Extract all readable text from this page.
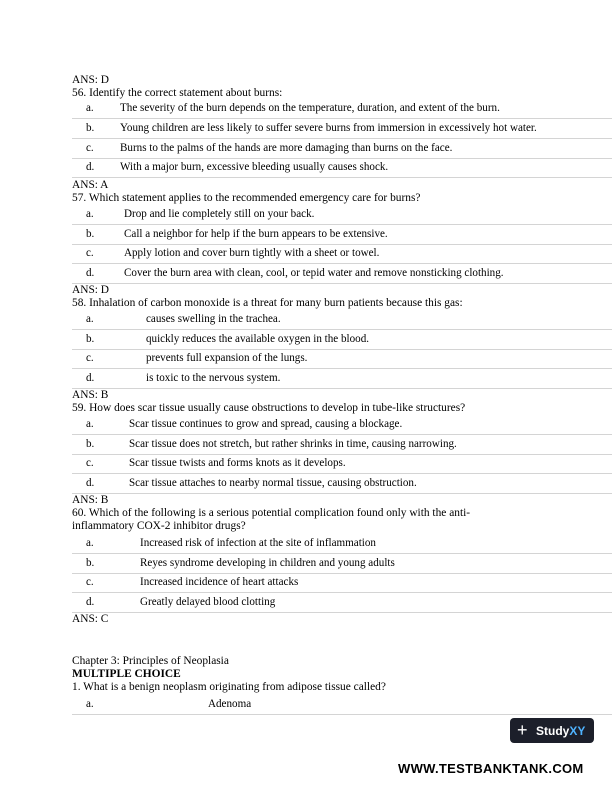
ANS: D
56. Identify the correct statement about burns:
a. The severity of the burn depends on the temperature, duration, and extent of the burn.
b. Young children are less likely to suffer severe burns from immersion in excessively hot water.
c. Burns to the palms of the hands are more damaging than burns on the face.
d. With a major burn, excessive bleeding usually causes shock.
ANS: A
57. Which statement applies to the recommended emergency care for burns?
a.	Drop and lie completely still on your back.
b.	Call a neighbor for help if the burn appears to be extensive.
c.	Apply lotion and cover burn tightly with a sheet or towel.
d.	Cover the burn area with clean, cool, or tepid water and remove nonsticking clothing.
ANS: D
58. Inhalation of carbon monoxide is a threat for many burn patients because this gas:
a.	causes swelling in the trachea.
b.	quickly reduces the available oxygen in the blood.
c.	prevents full expansion of the lungs.
d.	is toxic to the nervous system.
ANS: B
59. How does scar tissue usually cause obstructions to develop in tube-like structures?
a.	Scar tissue continues to grow and spread, causing a blockage.
b.	Scar tissue does not stretch, but rather shrinks in time, causing narrowing.
c.	Scar tissue twists and forms knots as it develops.
d.	Scar tissue attaches to nearby normal tissue, causing obstruction.
ANS: B
60. Which of the following is a serious potential complication found only with the anti-
inflammatory COX-2 inhibitor drugs?
a.	Increased risk of infection at the site of inflammation
b.	Reyes syndrome developing in children and young adults
c.	Increased incidence of heart attacks
d.	Greatly delayed blood clotting
ANS: C
Chapter 3: Principles of Neoplasia
MULTIPLE CHOICE
1. What is a benign neoplasm originating from adipose tissue called?
a.	Adenoma
+ StudyXY
WWW.TESTBANKTANK.COM
